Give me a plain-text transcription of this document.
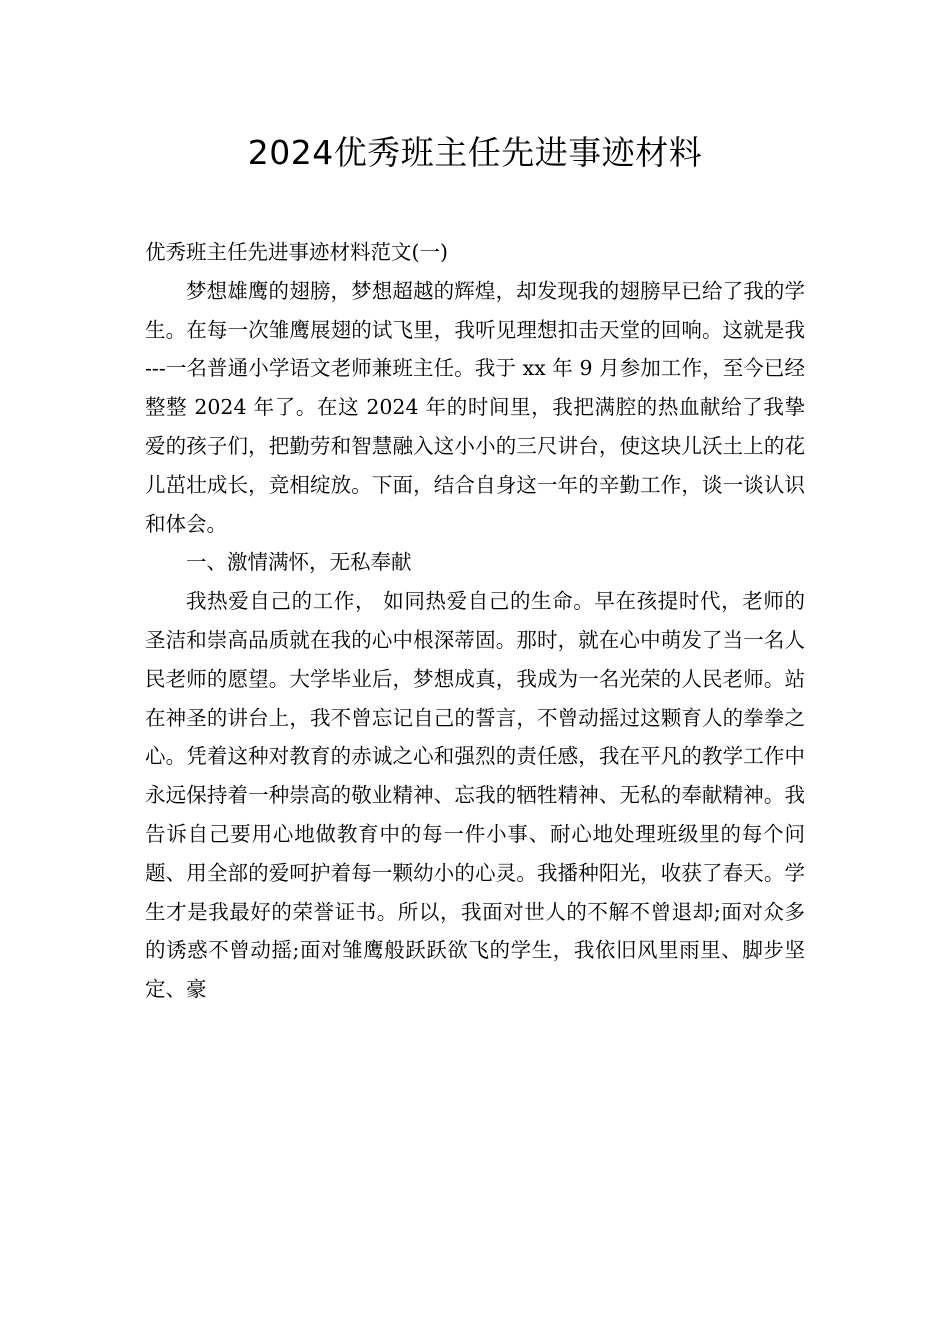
2024优秀班主任先进事迹材料

优秀班主任先进事迹材料范文(一)

梦想雄鹰的翅膀，梦想超越的辉煌，却发现我的翅膀早已给了我的学生。在每一次雏鹰展翅的试飞里，我听见理想扣击天堂的回响。这就是我 ---一名普通小学语文老师兼班主任。我于 xx 年 9 月参加工作，至今已经整整 2024 年了。在这 2024 年的时间里，我把满腔的热血献给了我挚爱的孩子们，把勤劳和智慧融入这小小的三尺讲台，使这块儿沃土上的花儿茁壮成长，竞相绽放。下面，结合自身这一年的辛勤工作，谈一谈认识和体会。

一、激情满怀，无私奉献

我热爱自己的工作， 如同热爱自己的生命。早在孩提时代，老师的圣洁和崇高品质就在我的心中根深蒂固。那时，就在心中萌发了当一名人民老师的愿望。大学毕业后，梦想成真，我成为一名光荣的人民老师。站在神圣的讲台上，我不曾忘记自己的誓言，不曾动摇过这颗育人的拳拳之心。凭着这种对教育的赤诚之心和强烈的责任感，我在平凡的教学工作中永远保持着一种崇高的敬业精神、忘我的牺牲精神、无私的奉献精神。我告诉自己要用心地做教育中的每一件小事、耐心地处理班级里的每个问题、用全部的爱呵护着每一颗幼小的心灵。我播种阳光，收获了春天。学生才是我最好的荣誉证书。所以，我面对世人的不解不曾退却;面对众多的诱惑不曾动摇;面对雏鹰般跃跃欲飞的学生，我依旧风里雨里、脚步坚定、豪
